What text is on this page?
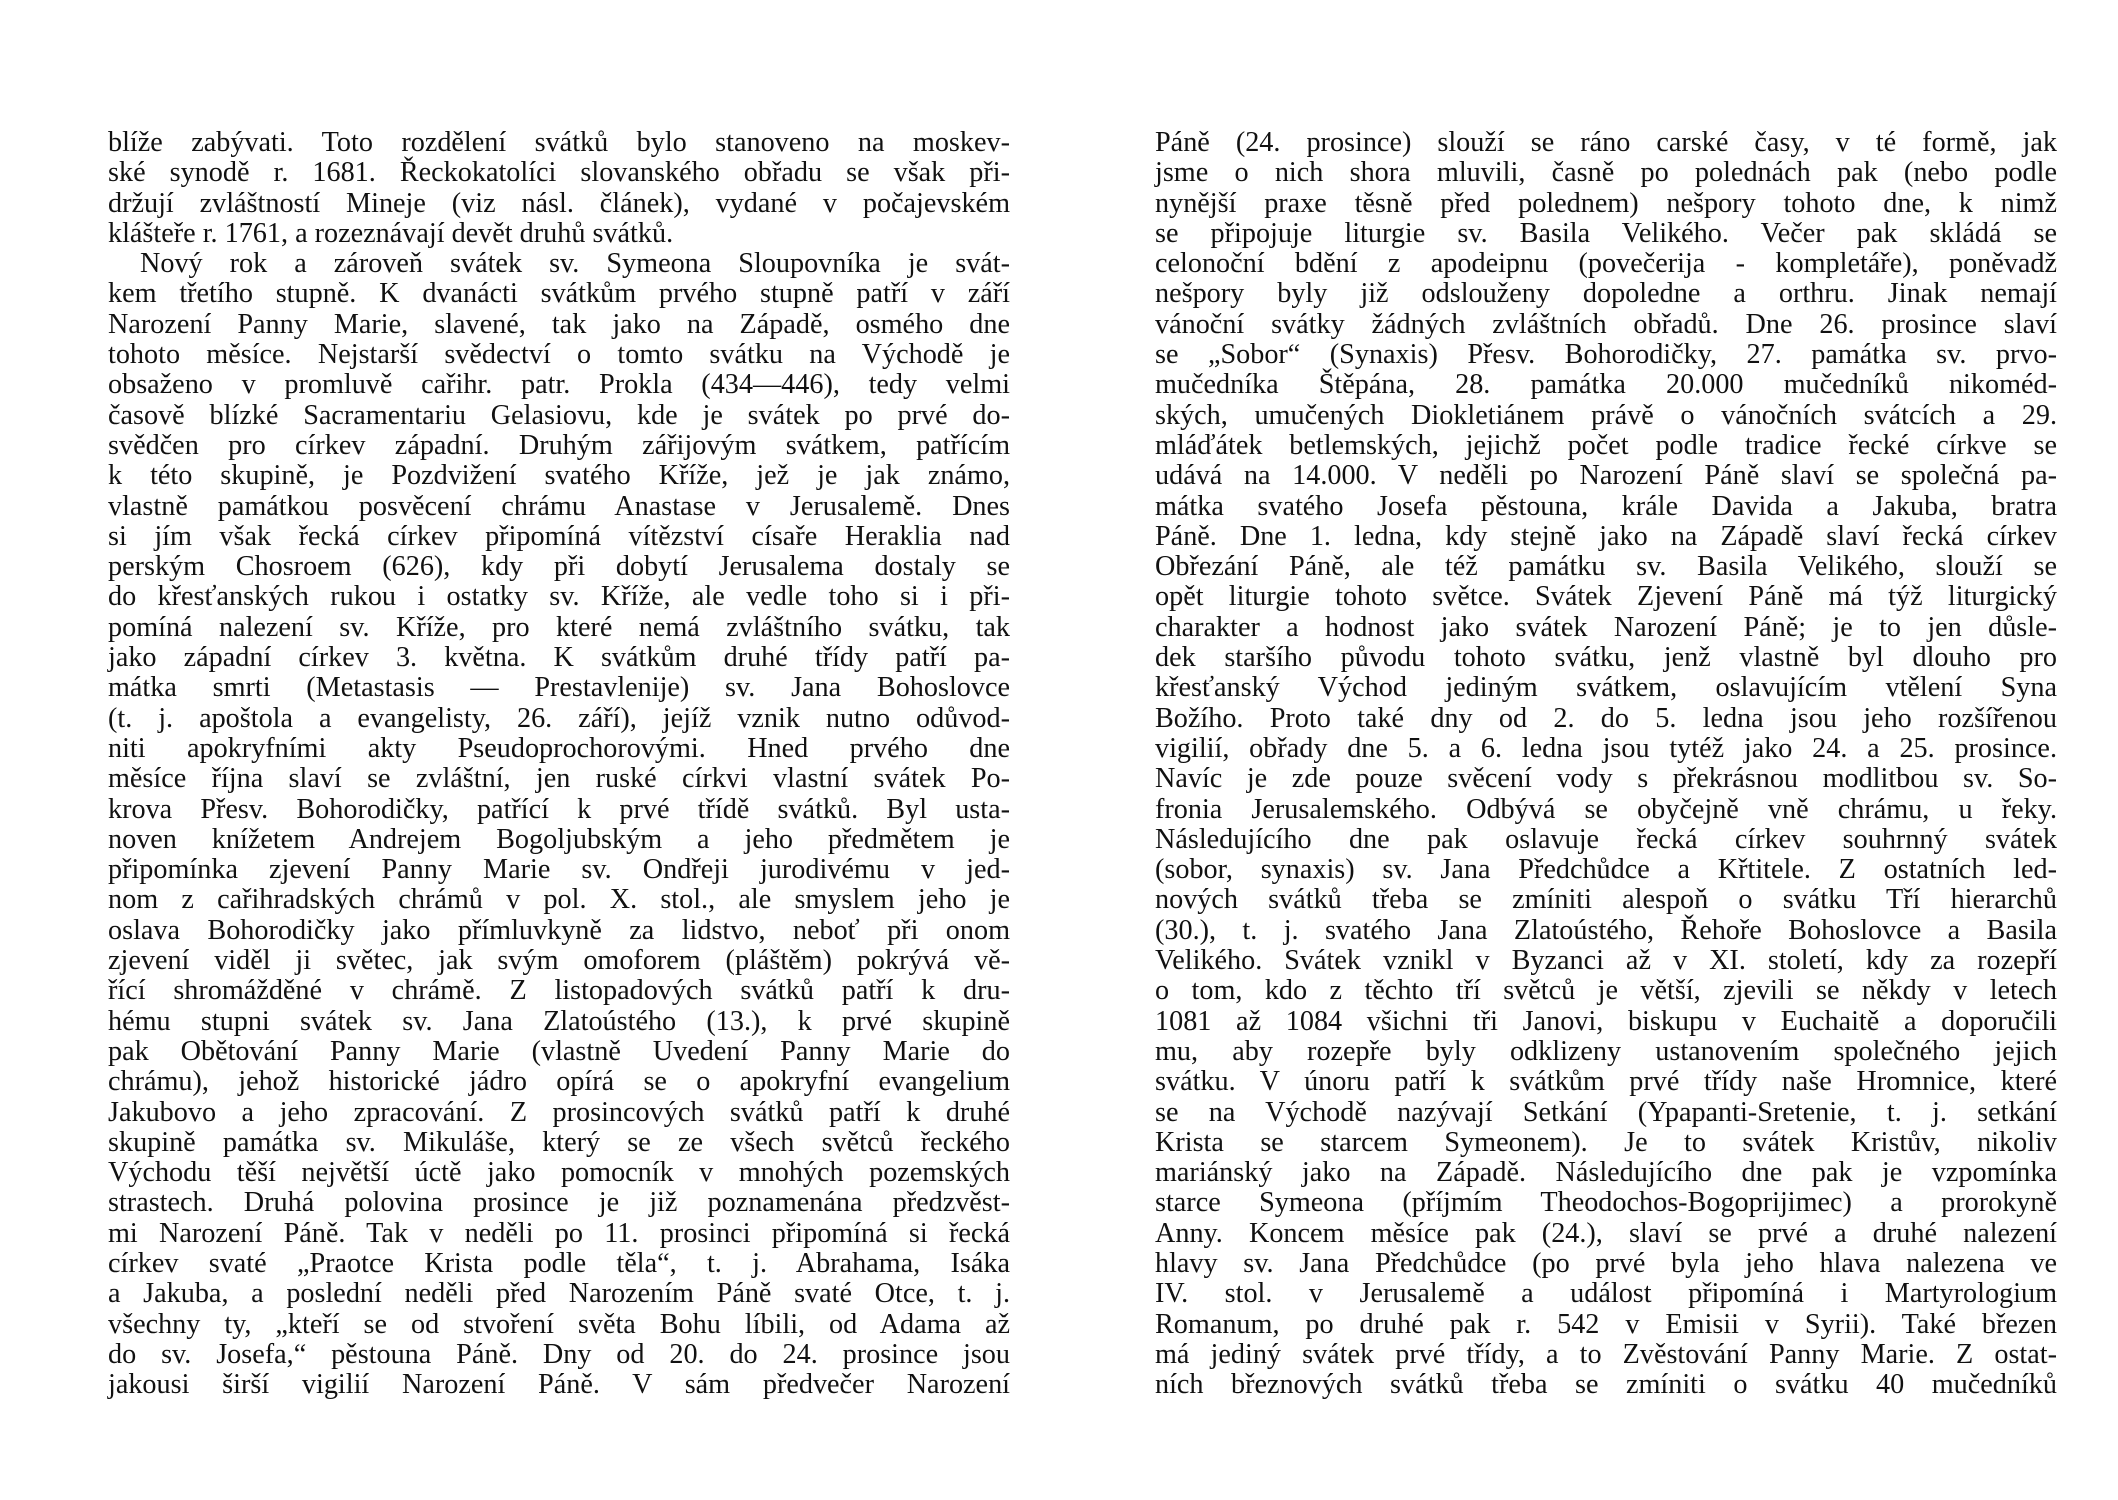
blíže zabývati. Toto rozdělení svátků bylo stanoveno na moskev-
ské synodě r. 1681. Řeckokatolíci slovanského obřadu se však při-
držují zvláštností Mineje (viz násl. článek), vydané v počajevském
klášteře r. 1761, a rozeznávají devět druhů svátků.
Nový rok a zároveň svátek sv. Symeona Sloupovníka je svát-
kem třetího stupně. K dvanácti svátkům prvého stupně patří v září
Narození Panny Marie, slavené, tak jako na Západě, osmého dne
tohoto měsíce. Nejstarší svědectví o tomto svátku na Východě je
obsaženo v promluvě cařihr. patr. Prokla (434—446), tedy velmi
časově blízké Sacramentariu Gelasiovu, kde je svátek po prvé do-
svědčen pro církev západní. Druhým zářijovým svátkem, patřícím
k této skupině, je Pozdvižení svatého Kříže, jež je jak známo,
vlastně památkou posvěcení chrámu Anastase v Jerusalemě. Dnes
si jím však řecká církev připomíná vítězství císaře Heraklia nad
perským Chosroem (626), kdy při dobytí Jerusalema dostaly se
do křesťanských rukou i ostatky sv. Kříže, ale vedle toho si i při-
pomíná nalezení sv. Kříže, pro které nemá zvláštního svátku, tak
jako západní církev 3. května. K svátkům druhé třídy patří pa-
mátka smrti (Metastasis — Prestavlenije) sv. Jana Bohoslovce
(t. j. apoštola a evangelisty, 26. září), jejíž vznik nutno odůvod-
niti apokryfními akty Pseudoprochorovými. Hned prvého dne
měsíce října slaví se zvláštní, jen ruské církvi vlastní svátek Po-
krova Přesv. Bohorodičky, patřící k prvé třídě svátků. Byl usta-
noven knížetem Andrejem Bogoljubským a jeho předmětem je
připomínka zjevení Panny Marie sv. Ondřeji jurodivému v jed-
nom z cařihradských chrámů v pol. X. stol., ale smyslem jeho je
oslava Bohorodičky jako přímluvkyně za lidstvo, neboť při onom
zjevení viděl ji světec, jak svým omoforem (pláštěm) pokrývá vě-
řící shromážděné v chrámě. Z listopadových svátků patří k dru-
hému stupni svátek sv. Jana Zlatoústého (13.), k prvé skupině
pak Obětování Panny Marie (vlastně Uvedení Panny Marie do
chrámu), jehož historické jádro opírá se o apokryfní evangelium
Jakubovo a jeho zpracování. Z prosincových svátků patří k druhé
skupině památka sv. Mikuláše, který se ze všech světců řeckého
Východu těší největší úctě jako pomocník v mnohých pozemských
strastech. Druhá polovina prosince je již poznamenána předzvěst-
mi Narození Páně. Tak v neděli po 11. prosinci připomíná si řecká
církev svaté „Praotce Krista podle těla“, t. j. Abrahama, Isáka
a Jakuba, a poslední neděli před Narozením Páně svaté Otce, t. j.
všechny ty, „kteří se od stvoření světa Bohu líbili, od Adama až
do sv. Josefa,“ pěstouna Páně. Dny od 20. do 24. prosince jsou
jakousi širší vigilií Narození Páně. V sám předvečer Narození
Páně (24. prosince) slouží se ráno carské časy, v té formě, jak
jsme o nich shora mluvili, časně po polednách pak (nebo podle
nynější praxe těsně před polednem) nešpory tohoto dne, k nimž
se připojuje liturgie sv. Basila Velikého. Večer pak skládá se
celonoční bdění z apodeipnu (povečerija - kompletáře), poněvadž
nešpory byly již odslouženy dopoledne a orthru. Jinak nemají
vánoční svátky žádných zvláštních obřadů. Dne 26. prosince slaví
se „Sobor“ (Synaxis) Přesv. Bohorodičky, 27. památka sv. prvo-
mučedníka Štěpána, 28. památka 20.000 mučedníků nikoméd-
ských, umučených Diokletiánem právě o vánočních svátcích a 29.
mláďátek betlemských, jejichž počet podle tradice řecké církve se
udává na 14.000. V neděli po Narození Páně slaví se společná pa-
mátka svatého Josefa pěstouna, krále Davida a Jakuba, bratra
Páně. Dne 1. ledna, kdy stejně jako na Západě slaví řecká církev
Obřezání Páně, ale též památku sv. Basila Velikého, slouží se
opět liturgie tohoto světce. Svátek Zjevení Páně má týž liturgický
charakter a hodnost jako svátek Narození Páně; je to jen důsle-
dek staršího původu tohoto svátku, jenž vlastně byl dlouho pro
křesťanský Východ jediným svátkem, oslavujícím vtělení Syna
Božího. Proto také dny od 2. do 5. ledna jsou jeho rozšířenou
vigilií, obřady dne 5. a 6. ledna jsou tytéž jako 24. a 25. prosince.
Navíc je zde pouze svěcení vody s překrásnou modlitbou sv. So-
fronia Jerusalemského. Odbývá se obyčejně vně chrámu, u řeky.
Následujícího dne pak oslavuje řecká církev souhrnný svátek
(sobor, synaxis) sv. Jana Předchůdce a Křtitele. Z ostatních led-
nových svátků třeba se zmíniti alespoň o svátku Tří hierarchů
(30.), t. j. svatého Jana Zlatoústého, Řehoře Bohoslovce a Basila
Velikého. Svátek vznikl v Byzanci až v XI. století, kdy za rozepří
o tom, kdo z těchto tří světců je větší, zjevili se někdy v letech
1081 až 1084 všichni tři Janovi, biskupu v Euchaitě a doporučili
mu, aby rozepře byly odklizeny ustanovením společného jejich
svátku. V únoru patří k svátkům prvé třídy naše Hromnice, které
se na Východě nazývají Setkání (Ypapanti-Sretenie, t. j. setkání
Krista se starcem Symeonem). Je to svátek Kristův, nikoliv
mariánský jako na Západě. Následujícího dne pak je vzpomínka
starce Symeona (příjmím Theodochos-Bogoprijimec) a prorokyně
Anny. Koncem měsíce pak (24.), slaví se prvé a druhé nalezení
hlavy sv. Jana Předchůdce (po prvé byla jeho hlava nalezena ve
IV. stol. v Jerusalemě a událost připomíná i Martyrologium
Romanum, po druhé pak r. 542 v Emisii v Syrii). Také březen
má jediný svátek prvé třídy, a to Zvěstování Panny Marie. Z ostat-
ních březnových svátků třeba se zmíniti o svátku 40 mučedníků
